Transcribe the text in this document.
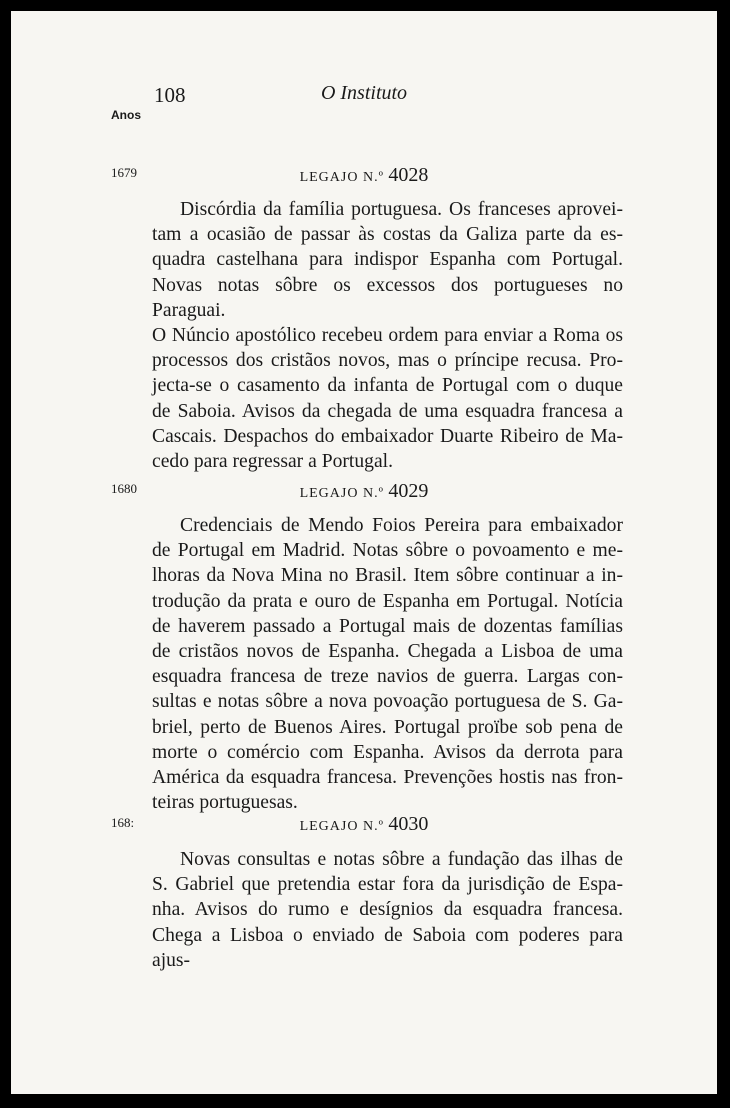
108	O Instituto
Anos
1679	LEGAJO N.º 4028
Discórdia da família portuguesa. Os franceses aprovei-
tam a ocasião de passar às costas da Galiza parte da es-
quadra castelhana para indispor Espanha com Portugal.
Novas notas sôbre os excessos dos portugueses no Paraguai.
O Núncio apostólico recebeu ordem para enviar a Roma os
processos dos cristãos novos, mas o príncipe recusa. Pro-
jecta-se o casamento da infanta de Portugal com o duque
de Saboia. Avisos da chegada de uma esquadra francesa a
Cascais. Despachos do embaixador Duarte Ribeiro de Ma-
cedo para regressar a Portugal.
1680	LEGAJO N.º 4029
Credenciais de Mendo Foios Pereira para embaixador
de Portugal em Madrid. Notas sôbre o povoamento e me-
lhoras da Nova Mina no Brasil. Item sôbre continuar a in-
trodução da prata e ouro de Espanha em Portugal. Notícia
de haverem passado a Portugal mais de dozentas famílias
de cristãos novos de Espanha. Chegada a Lisboa de uma
esquadra francesa de treze navios de guerra. Largas con-
sultas e notas sôbre a nova povoação portuguesa de S. Ga-
briel, perto de Buenos Aires. Portugal proïbe sob pena de
morte o comércio com Espanha. Avisos da derrota para
América da esquadra francesa. Prevenções hostis nas fron-
teiras portuguesas.
168:	LEGAJO N.º 4030
Novas consultas e notas sôbre a fundação das ilhas de
S. Gabriel que pretendia estar fora da jurisdição de Espa-
nha. Avisos do rumo e desígnios da esquadra francesa.
Chega a Lisboa o enviado de Saboia com poderes para ajus-
